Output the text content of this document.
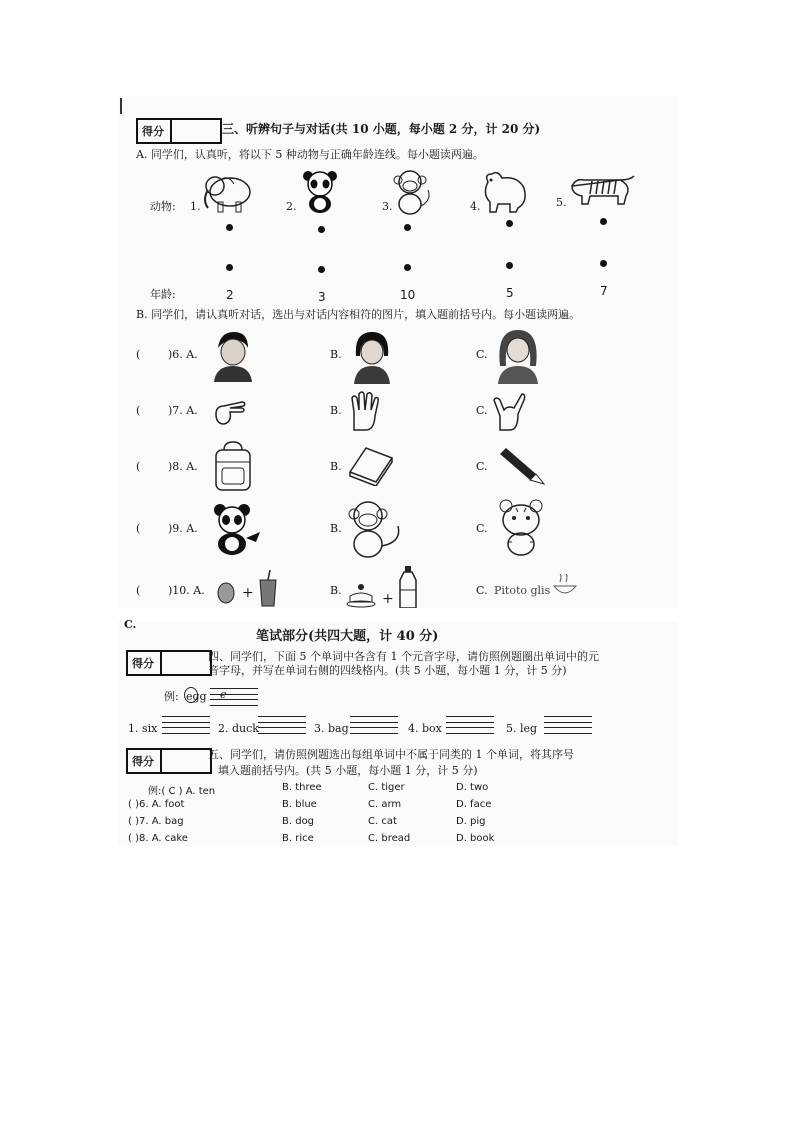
得分	三、听辨句子与对话(共 10 小题，每小题 2 分，计 20 分)
A. 同学们，认真听，将以下 5 种动物与正确年龄连线。每小题读两遍。
动物: 1.	2.	3.	4.	5.
年龄:	2	3	10	5	7
B. 同学们，请认真听对话，选出与对话内容相符的图片，填入题前括号内。每小题读两遍。
(	)6. A.	B.	C.
(	)7. A.	B.	C.
(	)8. A.	B.	C.
(	)9. A.	B.	C.
(	)10. A.	B.	C.
+	+
Pitoto glis
C.
笔试部分(共四大题，计 40 分)
得分
四、同学们，下面 5 个单词中各含有 1 个元音字母，请仿照例题圈出单词中的元
音字母，并写在单词右侧的四线格内。(共 5 小题，每小题 1 分，计 5 分)
例: egg e
1. six	2. duck	3. bag	4. box	5. leg
得分
五、同学们，请仿照例题选出每组单词中不属于同类的 1 个单词，将其序号
填入题前括号内。(共 5 小题，每小题 1 分，计 5 分)
例:( C ) A. ten	B. three	C. tiger	D. two
( )6. A. foot	B. blue	C. arm	D. face
( )7. A. bag	B. dog	C. cat	D. pig
( )8. A. cake	B. rice	C. bread	D. book
